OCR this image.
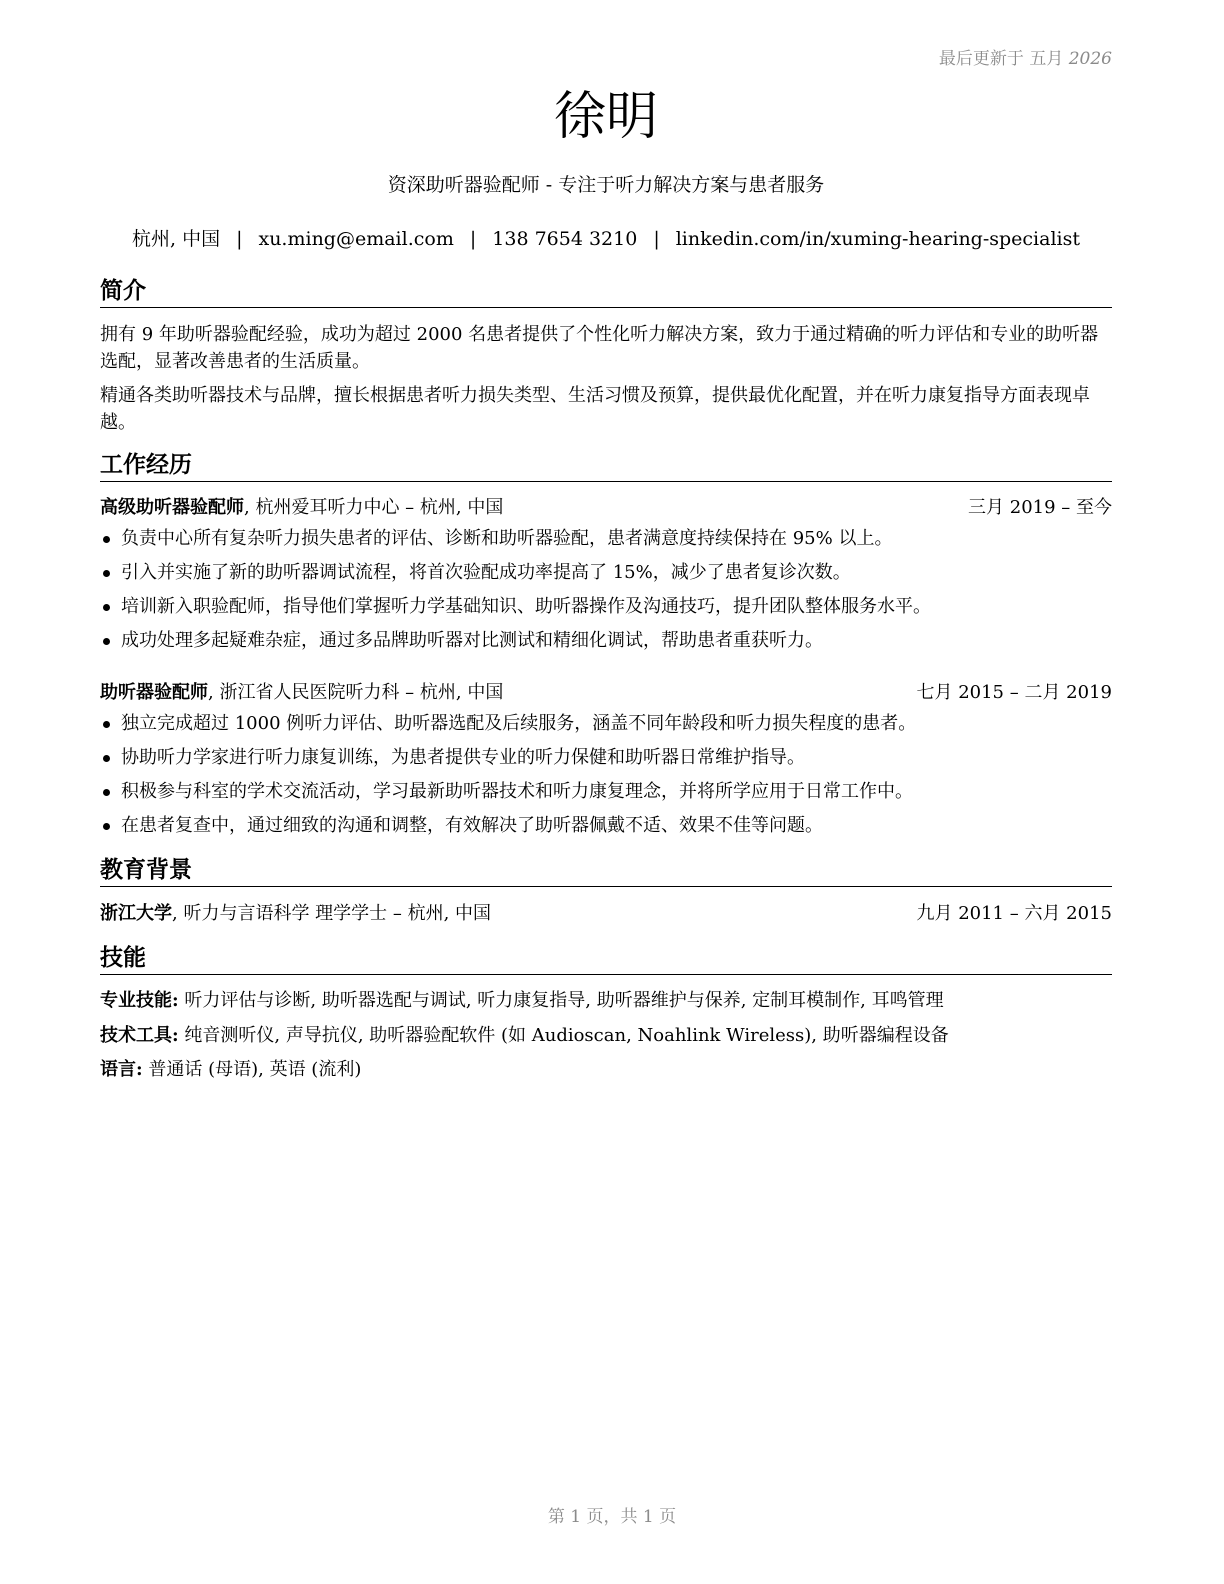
最后更新于 五月 2026
徐明
资深助听器验配师 - 专注于听力解决方案与患者服务
杭州, 中国 | xu.ming@email.com | 138 7654 3210 | linkedin.com/in/xuming-hearing-specialist
简介
拥有 9 年助听器验配经验，成功为超过 2000 名患者提供了个性化听力解决方案，致力于通过精确的听力评估和专业的助听器选配，显著改善患者的生活质量。
精通各类助听器技术与品牌，擅长根据患者听力损失类型、生活习惯及预算，提供最优化配置，并在听力康复指导方面表现卓越。
工作经历
高级助听器验配师, 杭州爱耳听力中心 – 杭州, 中国	三月 2019 – 至今
负责中心所有复杂听力损失患者的评估、诊断和助听器验配，患者满意度持续保持在 95% 以上。
引入并实施了新的助听器调试流程，将首次验配成功率提高了 15%，减少了患者复诊次数。
培训新入职验配师，指导他们掌握听力学基础知识、助听器操作及沟通技巧，提升团队整体服务水平。
成功处理多起疑难杂症，通过多品牌助听器对比测试和精细化调试，帮助患者重获听力。
助听器验配师, 浙江省人民医院听力科 – 杭州, 中国	七月 2015 – 二月 2019
独立完成超过 1000 例听力评估、助听器选配及后续服务，涵盖不同年龄段和听力损失程度的患者。
协助听力学家进行听力康复训练，为患者提供专业的听力保健和助听器日常维护指导。
积极参与科室的学术交流活动，学习最新助听器技术和听力康复理念，并将所学应用于日常工作中。
在患者复查中，通过细致的沟通和调整，有效解决了助听器佩戴不适、效果不佳等问题。
教育背景
浙江大学, 听力与言语科学 理学学士 – 杭州, 中国	九月 2011 – 六月 2015
技能
专业技能: 听力评估与诊断, 助听器选配与调试, 听力康复指导, 助听器维护与保养, 定制耳模制作, 耳鸣管理
技术工具: 纯音测听仪, 声导抗仪, 助听器验配软件 (如 Audioscan, Noahlink Wireless), 助听器编程设备
语言: 普通话 (母语), 英语 (流利)
第 1 页，共 1 页
